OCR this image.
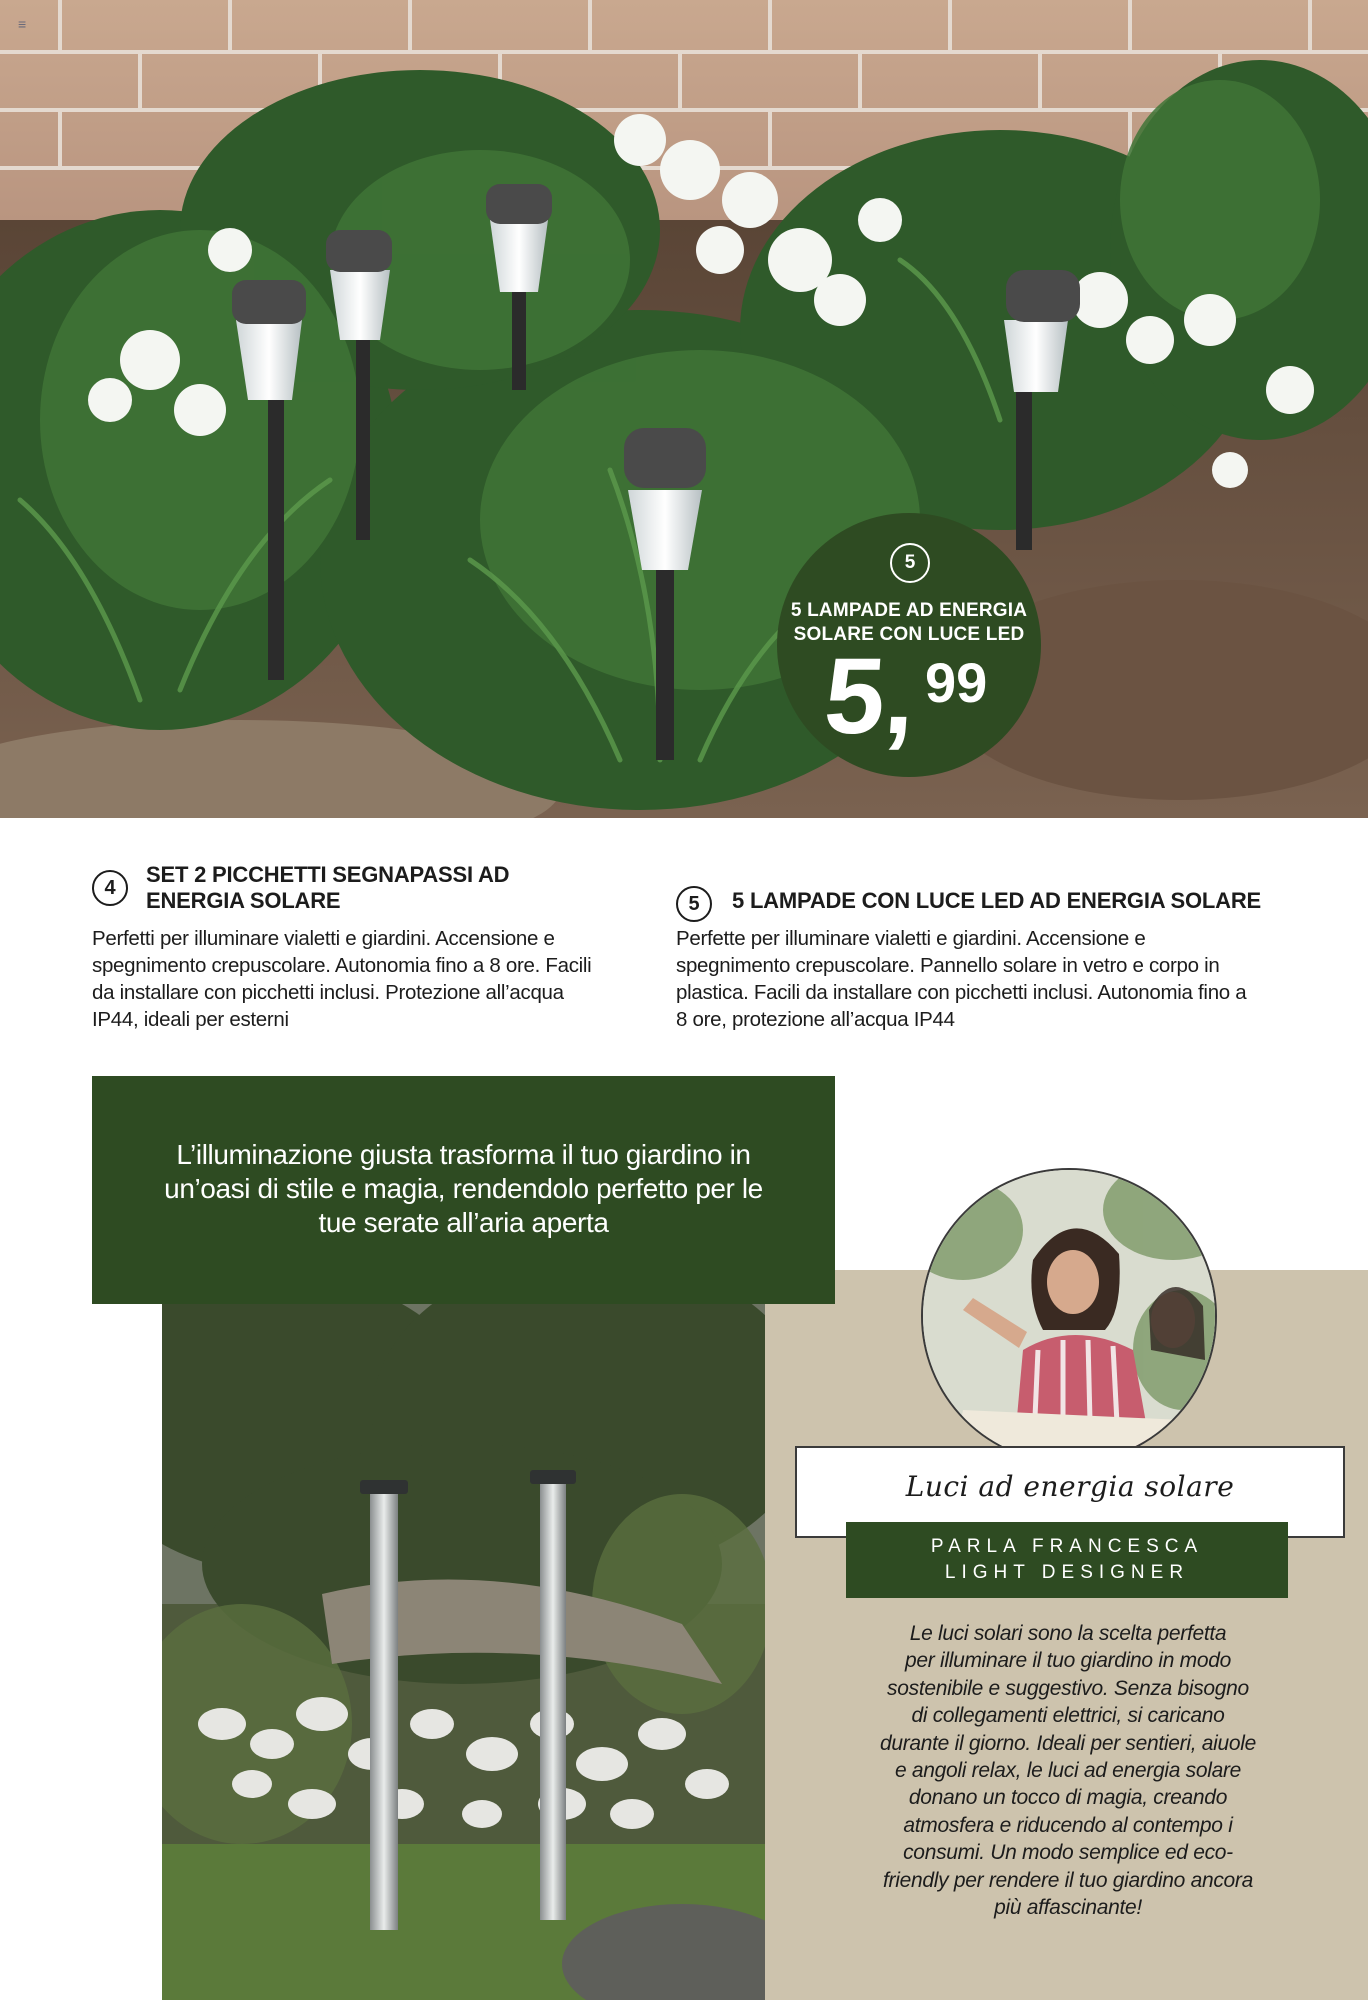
≡
5
5 LAMPADE AD ENERGIA
SOLARE CON LUCE LED
5, 99
4
SET 2 PICCHETTI SEGNAPASSI AD
ENERGIA SOLARE
Perfetti per illuminare vialetti e giardini. Accensione e
spegnimento crepuscolare. Autonomia fino a 8 ore. Facili
da installare con picchetti inclusi. Protezione all’acqua
IP44, ideali per esterni
5	5 LAMPADE CON LUCE LED AD ENERGIA SOLARE
Perfette per illuminare vialetti e giardini. Accensione e
spegnimento crepuscolare. Pannello solare in vetro e corpo in
plastica. Facili da installare con picchetti inclusi. Autonomia fino a
8 ore, protezione all’acqua IP44

L’illuminazione giusta trasforma il tuo giardino in
un’oasi di stile e magia, rendendolo perfetto per le
tue serate all’aria aperta

Luci ad energia solare
PARLA FRANCESCA
LIGHT DESIGNER
Le luci solari sono la scelta perfetta
per illuminare il tuo giardino in modo
sostenibile e suggestivo. Senza bisogno
di collegamenti elettrici, si caricano
durante il giorno. Ideali per sentieri, aiuole
e angoli relax, le luci ad energia solare
donano un tocco di magia, creando
atmosfera e riducendo al contempo i
consumi. Un modo semplice ed eco-
friendly per rendere il tuo giardino ancora
più affascinante!
